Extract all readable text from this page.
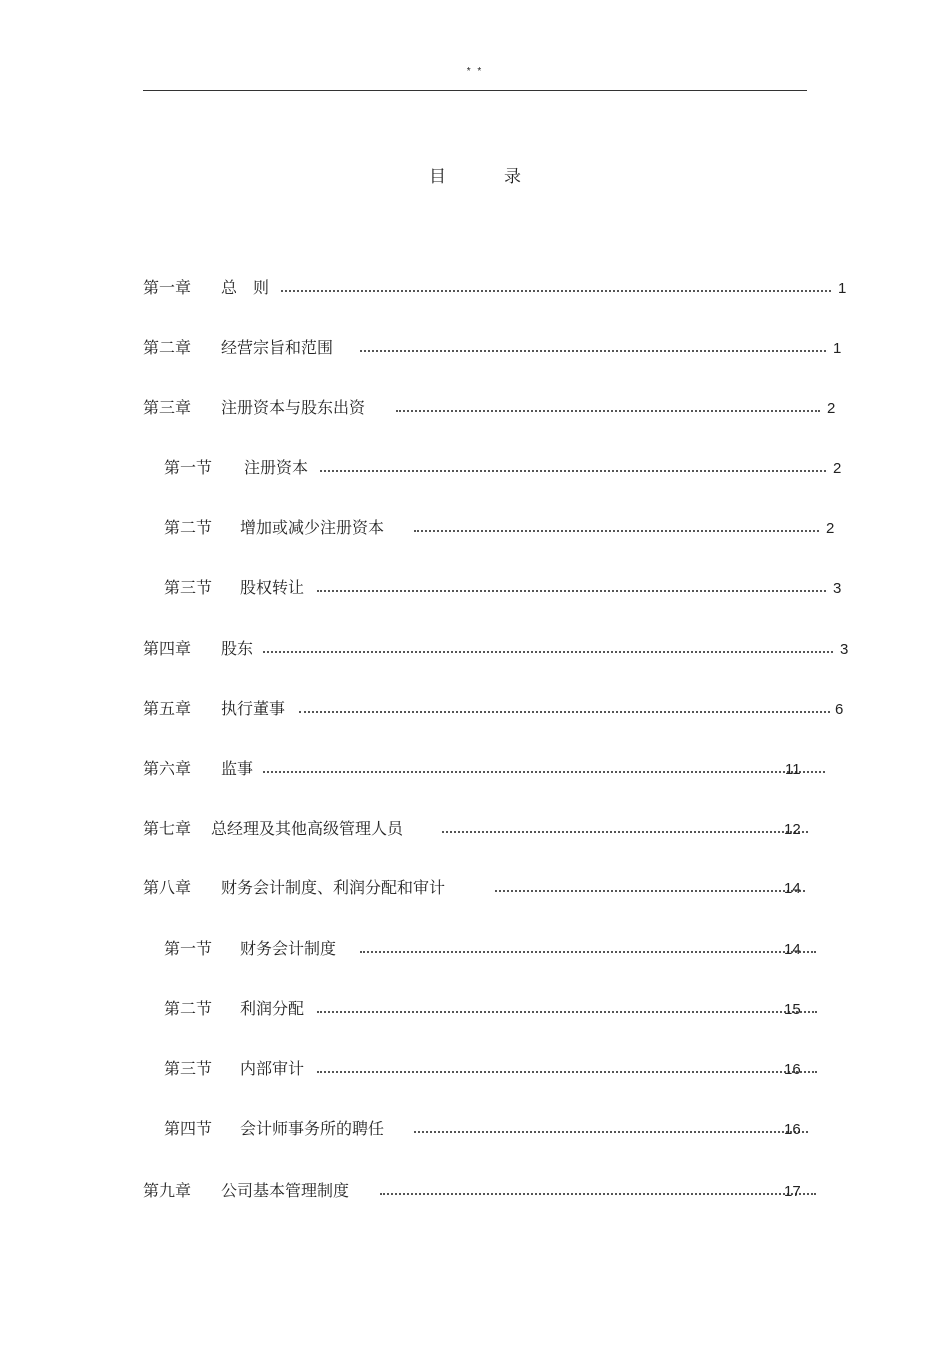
* *
目	录
第一章 总　则	1
第二章 经营宗旨和范围	1
第三章 注册资本与股东出资	2
第一节 注册资本	2
第二节 增加或减少注册资本	2
第三节 股权转让	3
第四章 股东	3
第五章 执行董事	6
第六章 监事	11
第七章 总经理及其他高级管理人员	12
第八章 财务会计制度、利润分配和审计	14
第一节 财务会计制度	14
第二节 利润分配	15
第三节 内部审计	16
第四节 会计师事务所的聘任	16
第九章 公司基本管理制度	17
